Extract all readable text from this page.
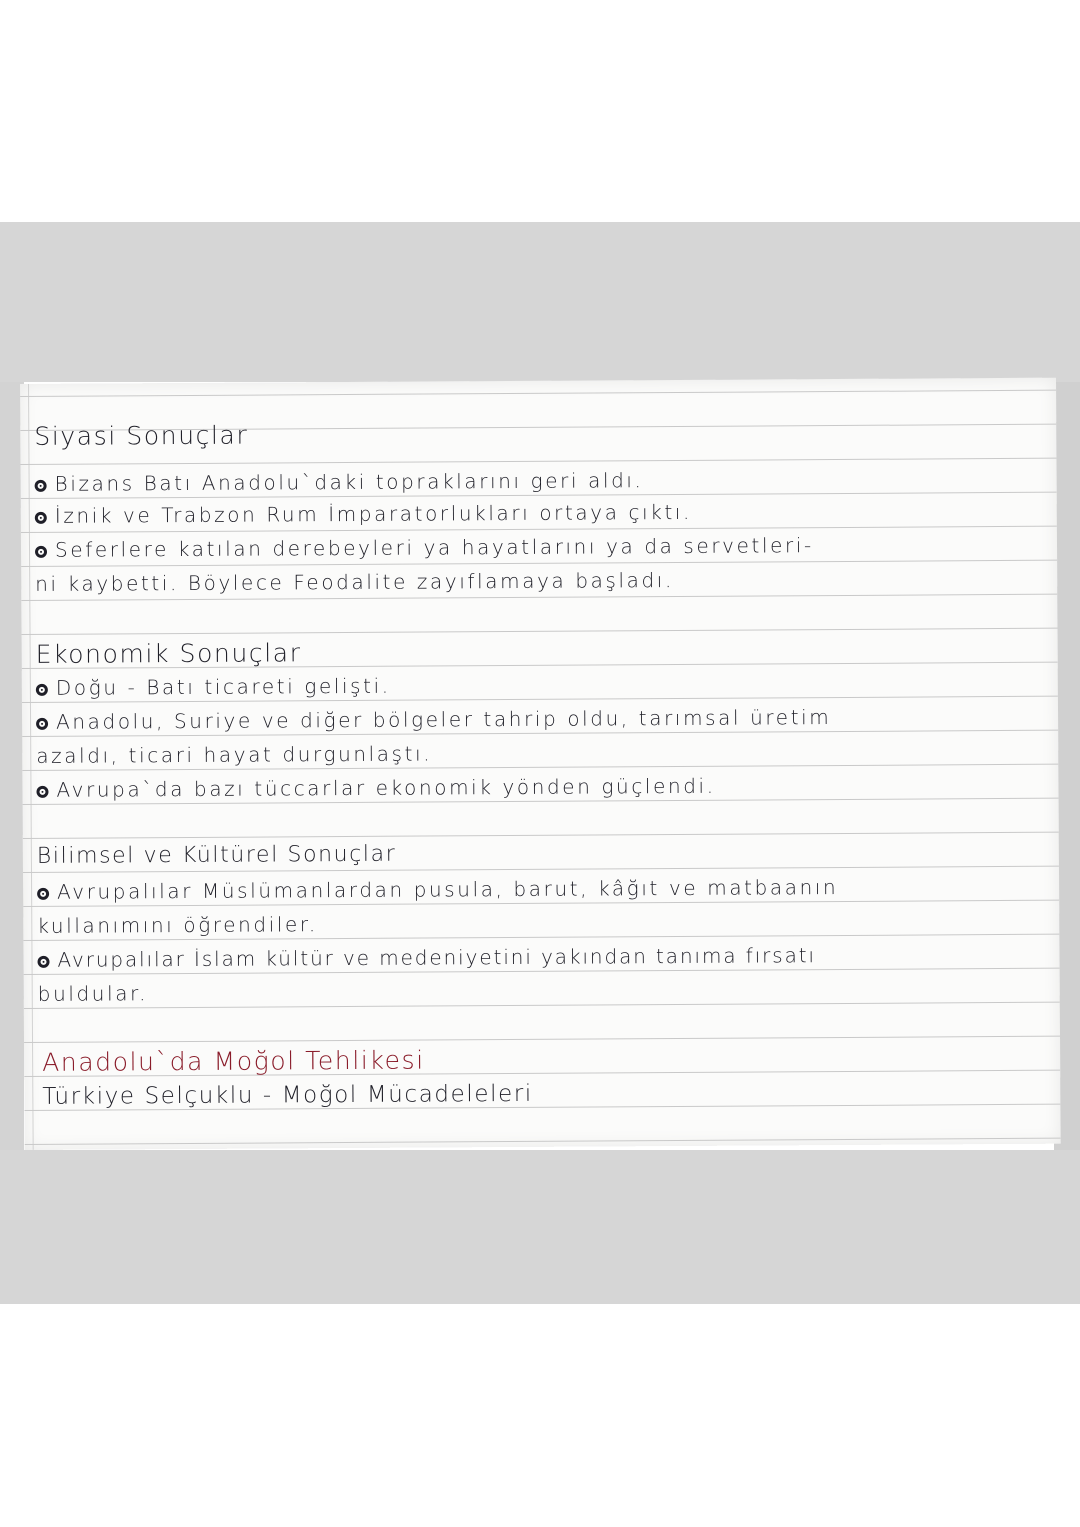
Siyasi Sonuçlar
Bizans Batı Anadolu`daki topraklarını geri aldı.
İznik ve Trabzon Rum İmparatorlukları ortaya çıktı.
Seferlere katılan derebeyleri ya hayatlarını ya da servetleri-
ni kaybetti. Böylece Feodalite zayıflamaya başladı.
Ekonomik Sonuçlar
Doğu - Batı ticareti gelişti.
Anadolu, Suriye ve diğer bölgeler tahrip oldu, tarımsal üretim
azaldı, ticari hayat durgunlaştı.
Avrupa`da bazı tüccarlar ekonomik yönden güçlendi.
Bilimsel ve Kültürel Sonuçlar
Avrupalılar Müslümanlardan pusula, barut, kâğıt ve matbaanın
kullanımını öğrendiler.
Avrupalılar İslam kültür ve medeniyetini yakından tanıma fırsatı
buldular.
Anadolu`da Moğol Tehlikesi
Türkiye Selçuklu - Moğol Mücadeleleri
